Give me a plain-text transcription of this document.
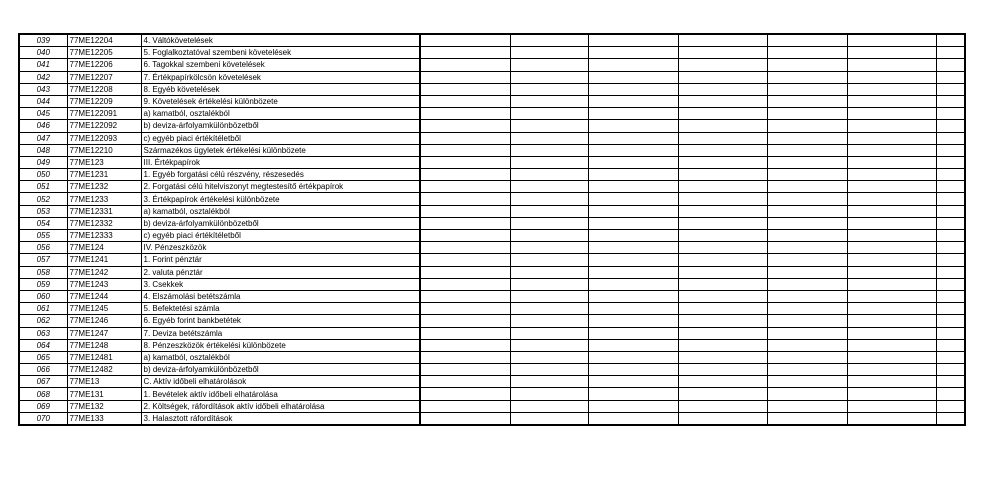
039	77ME12204	4. Váltókövetelések							
040	77ME12205	5. Foglalkoztatóval szembeni követelések							
041	77ME12206	6. Tagokkal szembeni követelések							
042	77ME12207	7. Értékpapírkölcsön követelések							
043	77ME12208	8. Egyéb követelések							
044	77ME12209	9. Követelések értékelési különbözete							
045	77ME122091	a) kamatból, osztalékból							
046	77ME122092	b) deviza-árfolyamkülönbözetből							
047	77ME122093	c) egyéb piaci értékítéletből							
048	77ME12210	Származékos ügyletek értékelési különbözete							
049	77ME123	III. Értékpapírok							
050	77ME1231	1. Egyéb forgatási célú részvény, részesedés							
051	77ME1232	2. Forgatási célú hitelviszonyt megtestesítő értékpapírok							
052	77ME1233	3. Értékpapírok értékelési különbözete							
053	77ME12331	a) kamatból, osztalékból							
054	77ME12332	b) deviza-árfolyamkülönbözetből							
055	77ME12333	c) egyéb piaci értékítéletből							
056	77ME124	IV. Pénzeszközök							
057	77ME1241	1. Forint pénztár							
058	77ME1242	2. valuta pénztár							
059	77ME1243	3. Csekkek							
060	77ME1244	4. Elszámolási betétszámla							
061	77ME1245	5. Befektetési számla							
062	77ME1246	6. Egyéb forint bankbetétek							
063	77ME1247	7. Deviza betétszámla							
064	77ME1248	8. Pénzeszközök értékelési különbözete							
065	77ME12481	a) kamatból, osztalékból							
066	77ME12482	b) deviza-árfolyamkülönbözetből							
067	77ME13	C. Aktív időbeli elhatárolások							
068	77ME131	1. Bevételek aktív időbeli elhatárolása							
069	77ME132	2. Költségek, ráfordítások aktív időbeli elhatárolása							
070	77ME133	3. Halasztott ráfordítások							
